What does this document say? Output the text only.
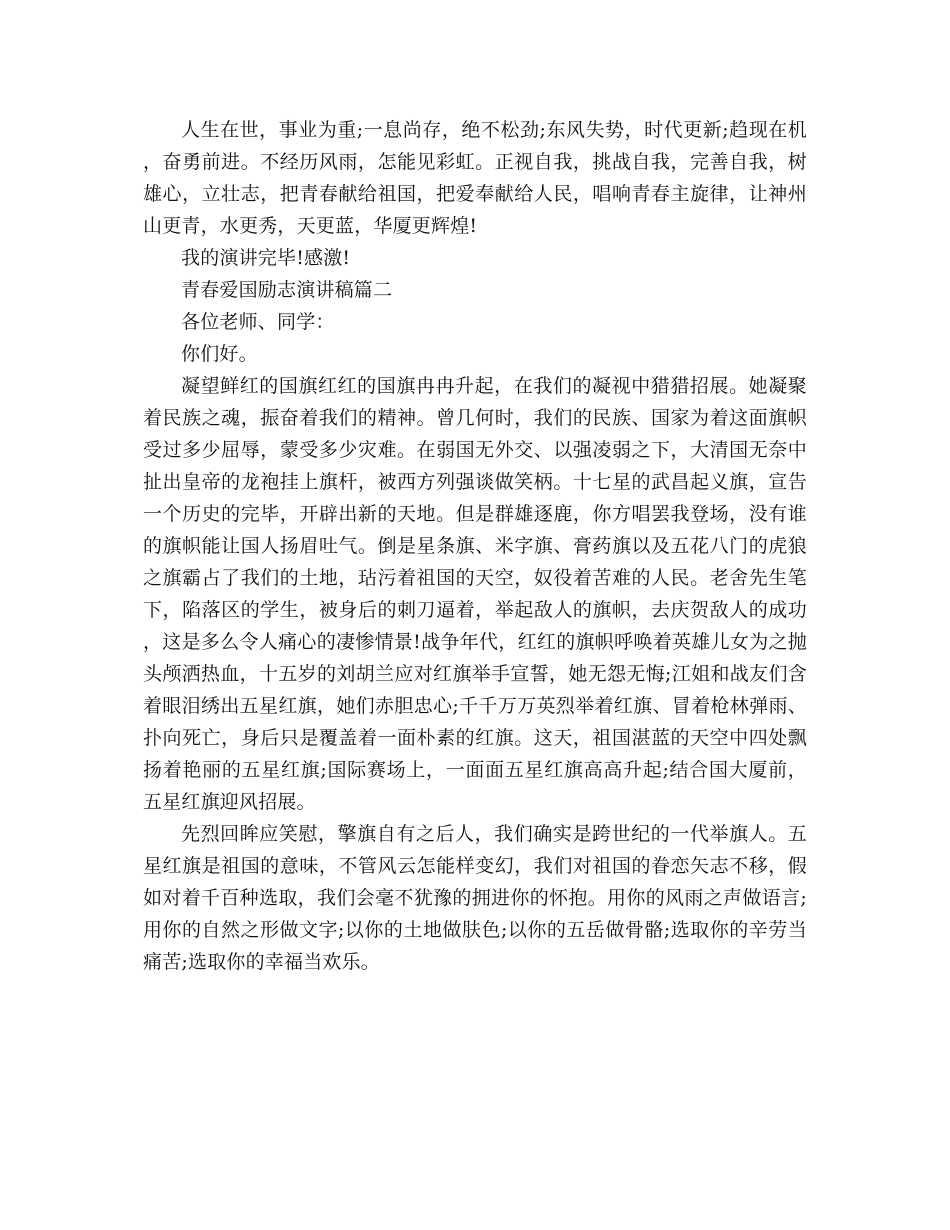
人生在世，事业为重;一息尚存，绝不松劲;东风失势，时代更新;趋现在机，奋勇前进。不经历风雨，怎能见彩虹。正视自我，挑战自我，完善自我，树雄心，立壮志，把青春献给祖国，把爱奉献给人民，唱响青春主旋律，让神州山更青，水更秀，天更蓝，华厦更辉煌!

我的演讲完毕!感激!

青春爱国励志演讲稿篇二

各位老师、同学：

你们好。

凝望鲜红的国旗红红的国旗冉冉升起，在我们的凝视中猎猎招展。她凝聚着民族之魂，振奋着我们的精神。曾几何时，我们的民族、国家为着这面旗帜受过多少屈辱，蒙受多少灾难。在弱国无外交、以强凌弱之下，大清国无奈中扯出皇帝的龙袍挂上旗杆，被西方列强谈做笑柄。十七星的武昌起义旗，宣告一个历史的完毕，开辟出新的天地。但是群雄逐鹿，你方唱罢我登场，没有谁的旗帜能让国人扬眉吐气。倒是星条旗、米字旗、膏药旗以及五花八门的虎狼之旗霸占了我们的土地，玷污着祖国的天空，奴役着苦难的人民。老舍先生笔下，陷落区的学生，被身后的刺刀逼着，举起敌人的旗帜，去庆贺敌人的成功，这是多么令人痛心的凄惨情景!战争年代，红红的旗帜呼唤着英雄儿女为之抛头颅洒热血，十五岁的刘胡兰应对红旗举手宣誓，她无怨无悔;江姐和战友们含着眼泪绣出五星红旗，她们赤胆忠心;千千万万英烈举着红旗、冒着枪林弹雨、扑向死亡，身后只是覆盖着一面朴素的红旗。这天，祖国湛蓝的天空中四处飘扬着艳丽的五星红旗;国际赛场上，一面面五星红旗高高升起;结合国大厦前，五星红旗迎风招展。

先烈回眸应笑慰，擎旗自有之后人，我们确实是跨世纪的一代举旗人。五星红旗是祖国的意味，不管风云怎能样变幻，我们对祖国的眷恋矢志不移，假如对着千百种选取，我们会毫不犹豫的拥进你的怀抱。用你的风雨之声做语言;用你的自然之形做文字;以你的土地做肤色;以你的五岳做骨骼;选取你的辛劳当痛苦;选取你的幸福当欢乐。
